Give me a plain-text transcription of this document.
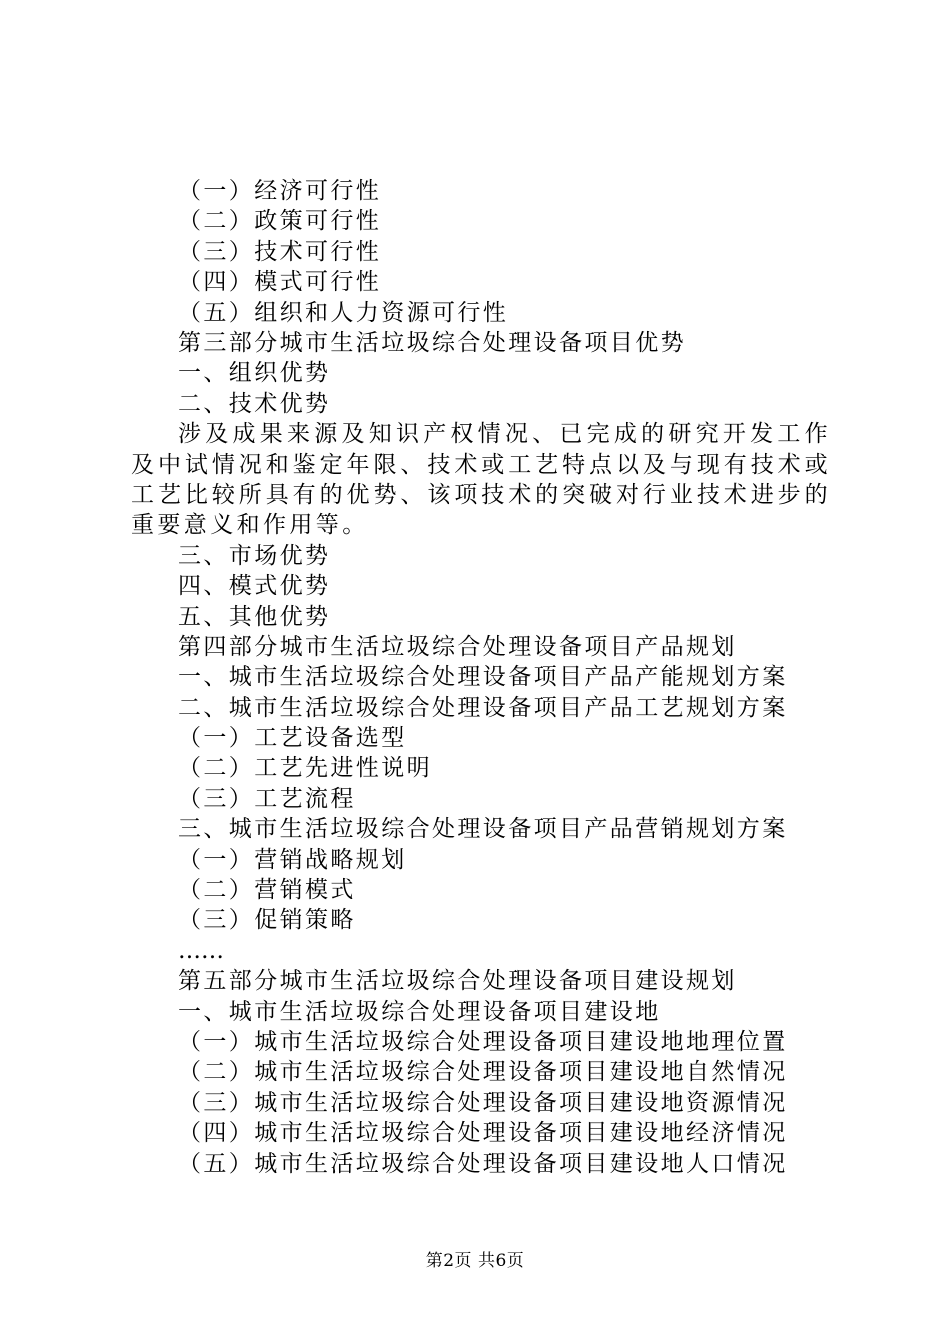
（一）经济可行性
（二）政策可行性
（三）技术可行性
（四）模式可行性
（五）组织和人力资源可行性
第三部分城市生活垃圾综合处理设备项目优势
一、组织优势
二、技术优势
涉及成果来源及知识产权情况、已完成的研究开发工作及中试情况和鉴定年限、技术或工艺特点以及与现有技术或工艺比较所具有的优势、该项技术的突破对行业技术进步的重要意义和作用等。
三、市场优势
四、模式优势
五、其他优势
第四部分城市生活垃圾综合处理设备项目产品规划
一、城市生活垃圾综合处理设备项目产品产能规划方案
二、城市生活垃圾综合处理设备项目产品工艺规划方案
（一）工艺设备选型
（二）工艺先进性说明
（三）工艺流程
三、城市生活垃圾综合处理设备项目产品营销规划方案
（一）营销战略规划
（二）营销模式
（三）促销策略
……
第五部分城市生活垃圾综合处理设备项目建设规划
一、城市生活垃圾综合处理设备项目建设地
（一）城市生活垃圾综合处理设备项目建设地地理位置
（二）城市生活垃圾综合处理设备项目建设地自然情况
（三）城市生活垃圾综合处理设备项目建设地资源情况
（四）城市生活垃圾综合处理设备项目建设地经济情况
（五）城市生活垃圾综合处理设备项目建设地人口情况
第2页 共6页
